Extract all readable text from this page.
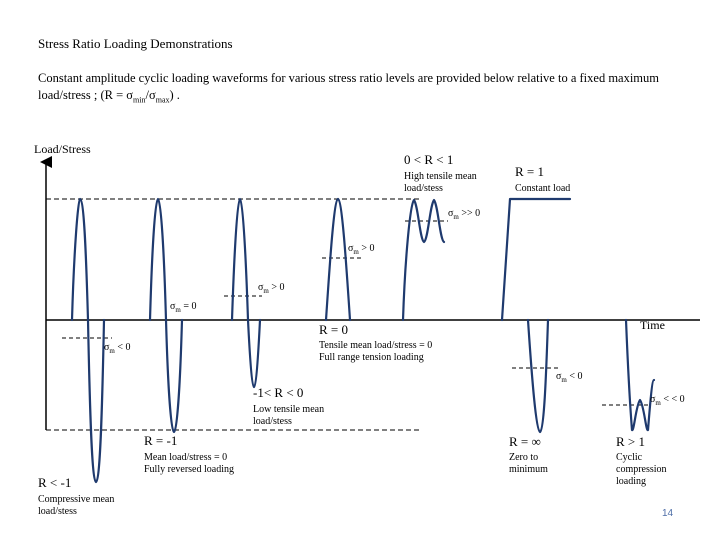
Stress Ratio Loading Demonstrations
Constant amplitude cyclic loading waveforms for various stress ratio levels are provided below relative to a fixed maximum load/stress ; $(R = \sigma_{min}/\sigma_{max})$ .
Load/Stress
Time
0 < R < 1
High tensile mean
load/stess
R = 1
Constant load
R = 0
Tensile mean load/stress = 0
Full range tension loading
-1< R < 0
Low tensile mean
load/stess
R = -1
Mean load/stress = 0
Fully reversed loading
R < -1
Compressive mean
load/stess
R = ∞
Zero to
minimum
R > 1
Cyclic
compression
loading
$\sigma_m >> 0$
$\sigma_m > 0$
$\sigma_m > 0$
$\sigma_m = 0$
$\sigma_m < 0$
$\sigma_m < 0$
$\sigma_m$ < < 0
14
